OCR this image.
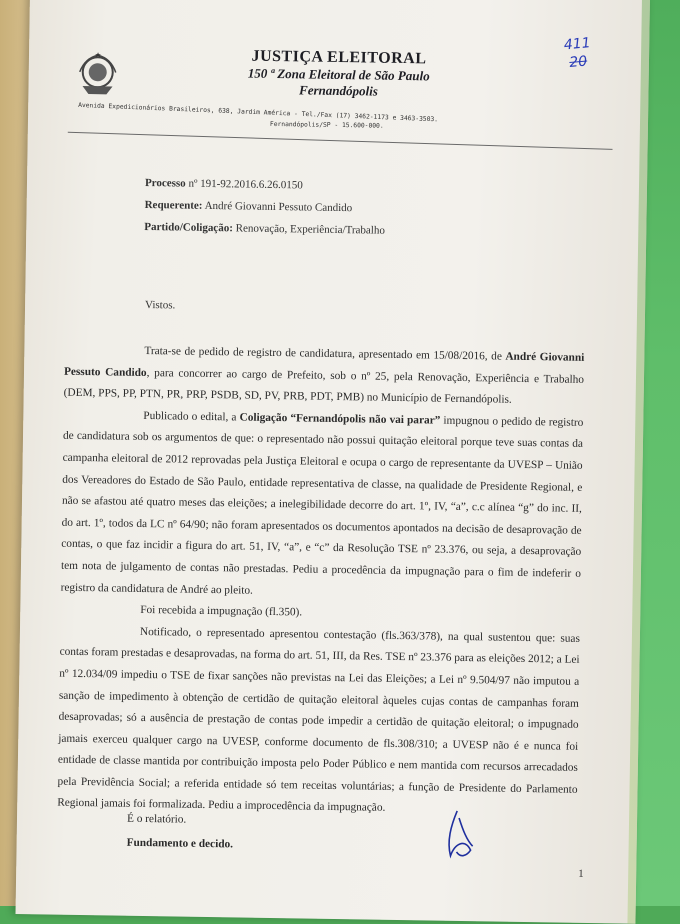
JUSTIÇA ELEITORAL
150 ª Zona Eleitoral de São Paulo
Fernandópolis
411
20
Avenida Expedicionários Brasileiros, 638, Jardim América - Tel./Fax (17) 3462-1173 e 3463-3503.
Fernandópolis/SP - 15.600-000.
Processo nº 191-92.2016.6.26.0150
Requerente: André Giovanni Pessuto Candido
Partido/Coligação: Renovação, Experiência/Trabalho
Vistos.

Trata-se de pedido de registro de candidatura, apresentado em 15/08/2016, de André Giovanni Pessuto Candido, para concorrer ao cargo de Prefeito, sob o nº 25, pela Renovação, Experiência e Trabalho (DEM, PPS, PP, PTN, PR, PRP, PSDB, SD, PV, PRB, PDT, PMB) no Município de Fernandópolis.

Publicado o edital, a Coligação “Fernandópolis não vai parar” impugnou o pedido de registro de candidatura sob os argumentos de que: o representado não possui quitação eleitoral porque teve suas contas da campanha eleitoral de 2012 reprovadas pela Justiça Eleitoral e ocupa o cargo de representante da UVESP – União dos Vereadores do Estado de São Paulo, entidade representativa de classe, na qualidade de Presidente Regional, e não se afastou até quatro meses das eleições; a inelegibilidade decorre do art. 1º, IV, “a”, c.c alínea “g” do inc. II, do art. 1º, todos da LC nº 64/90; não foram apresentados os documentos apontados na decisão de desaprovação de contas, o que faz incidir a figura do art. 51, IV, “a”, e “c” da Resolução TSE nº 23.376, ou seja, a desaprovação tem nota de julgamento de contas não prestadas. Pediu a procedência da impugnação para o fim de indeferir o registro da candidatura de André ao pleito.

Foi recebida a impugnação (fl.350).

Notificado, o representado apresentou contestação (fls.363/378), na qual sustentou que: suas contas foram prestadas e desaprovadas, na forma do art. 51, III, da Res. TSE nº 23.376 para as eleições 2012; a Lei nº 12.034/09 impediu o TSE de fixar sanções não previstas na Lei das Eleições; a Lei nº 9.504/97 não imputou a sanção de impedimento à obtenção de certidão de quitação eleitoral àqueles cujas contas de campanhas foram desaprovadas; só a ausência de prestação de contas pode impedir a certidão de quitação eleitoral; o impugnado jamais exerceu qualquer cargo na UVESP, conforme documento de fls.308/310; a UVESP não é e nunca foi entidade de classe mantida por contribuição imposta pelo Poder Público e nem mantida com recursos arrecadados pela Previdência Social; a referida entidade só tem receitas voluntárias; a função de Presidente do Parlamento Regional jamais foi formalizada. Pediu a improcedência da impugnação.

É o relatório.
Fundamento e decido.
1
